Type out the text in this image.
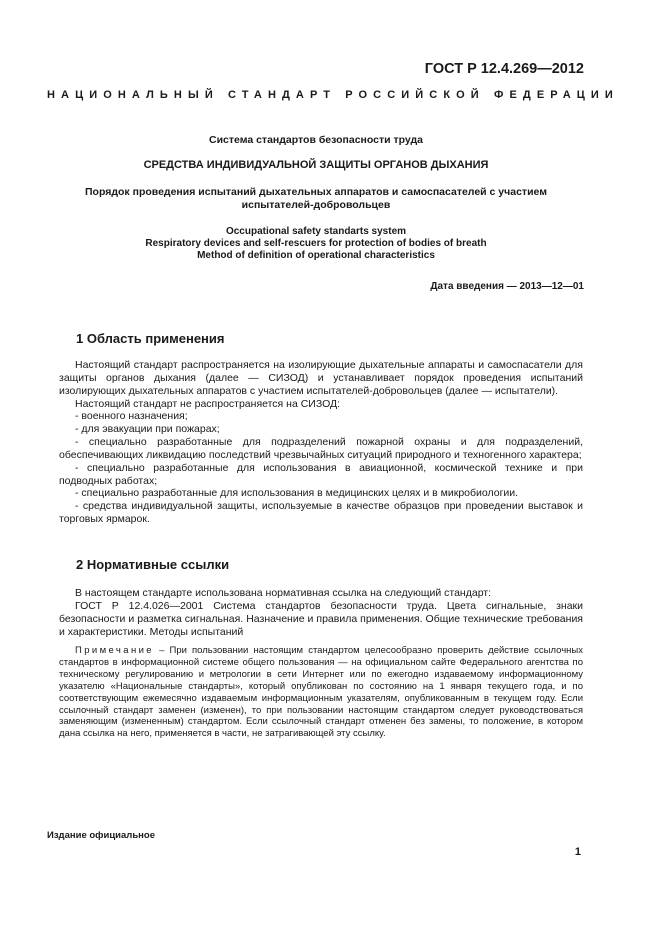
ГОСТ Р 12.4.269—2012
НАЦИОНАЛЬНЫЙ СТАНДАРТ РОССИЙСКОЙ ФЕДЕРАЦИИ
Система стандартов безопасности труда
СРЕДСТВА ИНДИВИДУАЛЬНОЙ ЗАЩИТЫ ОРГАНОВ ДЫХАНИЯ
Порядок проведения испытаний дыхательных аппаратов и самоспасателей с участием
испытателей-добровольцев
Occupational safety standarts system
Respiratory devices and self-rescuers for protection of bodies of breath
Method of definition of operational characteristics
Дата введения — 2013—12—01
1 Область применения

Настоящий стандарт распространяется на изолирующие дыхательные аппараты и самоспасатели для защиты органов дыхания (далее — СИЗОД) и устанавливает порядок проведения испытаний изолирующих дыхательных аппаратов с участием испытателей-добровольцев (далее — испытатели).

Настоящий стандарт не распространяется на СИЗОД:

- военного назначения;

- для эвакуации при пожарах;

- специально разработанные для подразделений пожарной охраны и для подразделений, обеспечивающих ликвидацию последствий чрезвычайных ситуаций природного и техногенного характера;

- специально разработанные для использования в авиационной, космической технике и при подводных работах;

- специально разработанные для использования в медицинских целях и в микробиологии.

- средства индивидуальной защиты, используемые в качестве образцов при проведении выставок и торговых ярмарок.

2 Нормативные ссылки

В настоящем стандарте использована нормативная ссылка на следующий стандарт:

ГОСТ Р 12.4.026—2001 Система стандартов безопасности труда. Цвета сигнальные, знаки безопасности и разметка сигнальная. Назначение и правила применения. Общие технические требования и характеристики. Методы испытаний

Примечание – При пользовании настоящим стандартом целесообразно проверить действие ссылочных стандартов в информационной системе общего пользования — на официальном сайте Федерального агентства по техническому регулированию и метрологии в сети Интернет или по ежегодно издаваемому информационному указателю «Национальные стандарты», который опубликован по состоянию на 1 января текущего года, и по соответствующим ежемесячно издаваемым информационным указателям, опубликованным в текущем году. Если ссылочный стандарт заменен (изменен), то при пользовании настоящим стандартом следует руководствоваться заменяющим (измененным) стандартом. Если ссылочный стандарт отменен без замены, то положение, в котором дана ссылка на него, применяется в части, не затрагивающей эту ссылку.
Издание официальное
1
